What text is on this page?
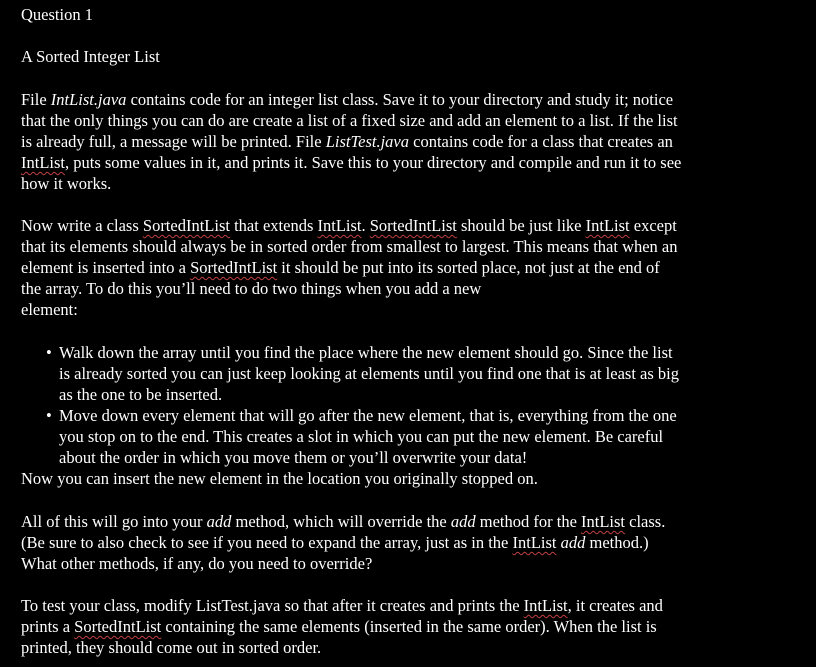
Question 1
A Sorted Integer List
File IntList.java contains code for an integer list class. Save it to your directory and study it; notice
that the only things you can do are create a list of a fixed size and add an element to a list. If the list
is already full, a message will be printed. File ListTest.java contains code for a class that creates an
IntList, puts some values in it, and prints it. Save this to your directory and compile and run it to see
how it works.
Now write a class SortedIntList that extends IntList. SortedIntList should be just like IntList except
that its elements should always be in sorted order from smallest to largest. This means that when an
element is inserted into a SortedIntList it should be put into its sorted place, not just at the end of
the array. To do this you’ll need to do two things when you add a new
element:
• Walk down the array until you find the place where the new element should go. Since the list
is already sorted you can just keep looking at elements until you find one that is at least as big
as the one to be inserted.
• Move down every element that will go after the new element, that is, everything from the one
you stop on to the end. This creates a slot in which you can put the new element. Be careful
about the order in which you move them or you’ll overwrite your data!
Now you can insert the new element in the location you originally stopped on.
All of this will go into your add method, which will override the add method for the IntList class.
(Be sure to also check to see if you need to expand the array, just as in the IntList add method.)
What other methods, if any, do you need to override?
To test your class, modify ListTest.java so that after it creates and prints the IntList, it creates and
prints a SortedIntList containing the same elements (inserted in the same order). When the list is
printed, they should come out in sorted order.
